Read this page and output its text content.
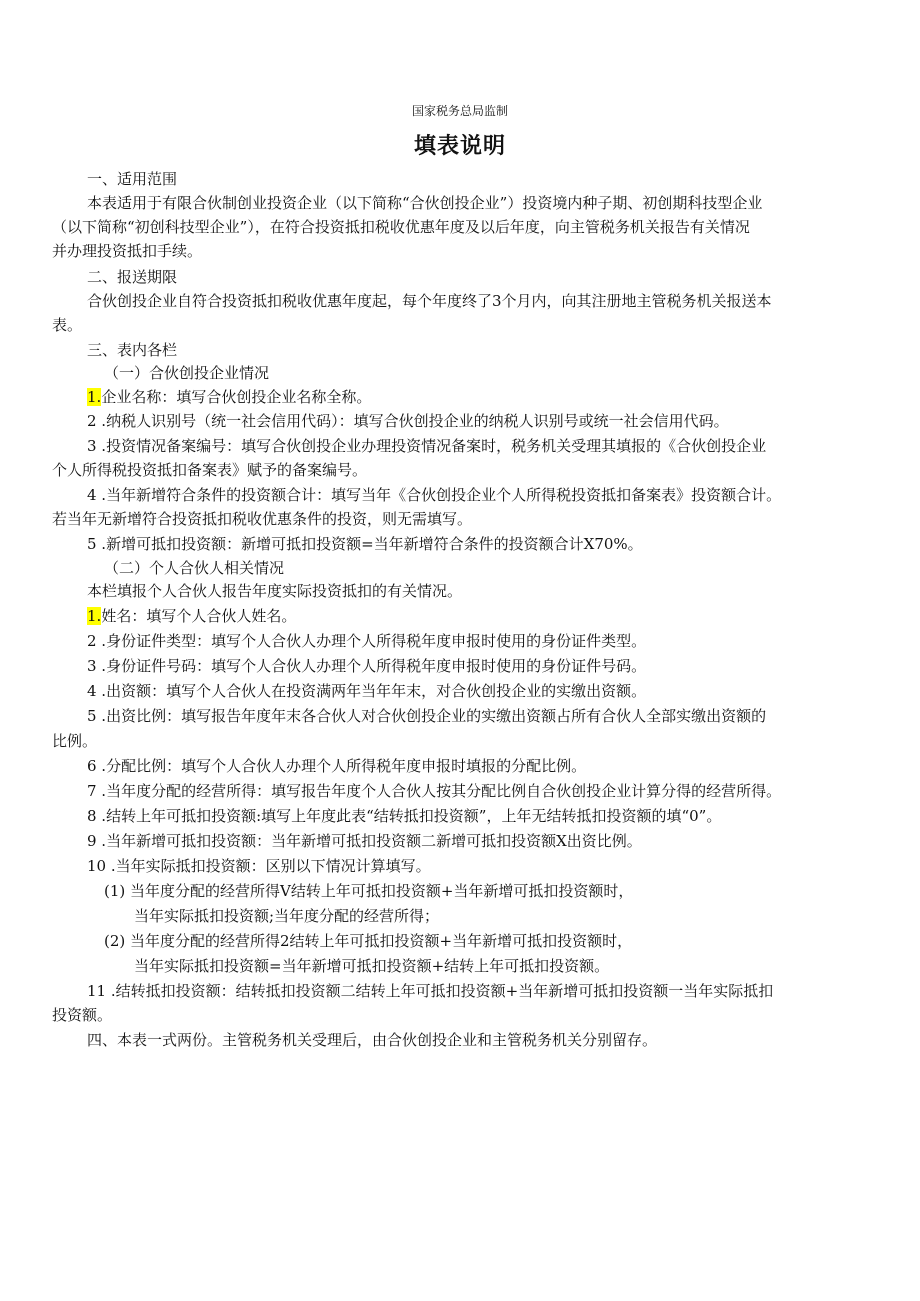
国家税务总局监制
填表说明
一、适用范围
本表适用于有限合伙制创业投资企业（以下简称“合伙创投企业”）投资境内种子期、初创期科技型企业
（以下简称“初创科技型企业”），在符合投资抵扣税收优惠年度及以后年度，向主管税务机关报告有关情况
并办理投资抵扣手续。
二、报送期限
合伙创投企业自符合投资抵扣税收优惠年度起，每个年度终了3个月内，向其注册地主管税务机关报送本
表。
三、表内各栏
（一）合伙创投企业情况
1.企业名称：填写合伙创投企业名称全称。
2 .纳税人识别号（统一社会信用代码）：填写合伙创投企业的纳税人识别号或统一社会信用代码。
3 .投资情况备案编号：填写合伙创投企业办理投资情况备案时，税务机关受理其填报的《合伙创投企业
个人所得税投资抵扣备案表》赋予的备案编号。
4 .当年新增符合条件的投资额合计：填写当年《合伙创投企业个人所得税投资抵扣备案表》投资额合计。
若当年无新增符合投资抵扣税收优惠条件的投资，则无需填写。
5 .新增可抵扣投资额：新增可抵扣投资额=当年新增符合条件的投资额合计X70%。
（二）个人合伙人相关情况
本栏填报个人合伙人报告年度实际投资抵扣的有关情况。
1.姓名：填写个人合伙人姓名。
2 .身份证件类型：填写个人合伙人办理个人所得税年度申报时使用的身份证件类型。
3 .身份证件号码：填写个人合伙人办理个人所得税年度申报时使用的身份证件号码。
4 .出资额：填写个人合伙人在投资满两年当年年末，对合伙创投企业的实缴出资额。
5 .出资比例：填写报告年度年末各合伙人对合伙创投企业的实缴出资额占所有合伙人全部实缴出资额的
比例。
6 .分配比例：填写个人合伙人办理个人所得税年度申报时填报的分配比例。
7 .当年度分配的经营所得：填写报告年度个人合伙人按其分配比例自合伙创投企业计算分得的经营所得。
8 .结转上年可抵扣投资额:填写上年度此表“结转抵扣投资额”，上年无结转抵扣投资额的填“0”。
9 .当年新增可抵扣投资额：当年新增可抵扣投资额二新增可抵扣投资额X出资比例。
10 .当年实际抵扣投资额：区别以下情况计算填写。
(1) 当年度分配的经营所得V结转上年可抵扣投资额+当年新增可抵扣投资额时，
当年实际抵扣投资额;当年度分配的经营所得；
(2) 当年度分配的经营所得2结转上年可抵扣投资额+当年新增可抵扣投资额时，
当年实际抵扣投资额=当年新增可抵扣投资额+结转上年可抵扣投资额。
11 .结转抵扣投资额：结转抵扣投资额二结转上年可抵扣投资额+当年新增可抵扣投资额一当年实际抵扣
投资额。
四、本表一式两份。主管税务机关受理后，由合伙创投企业和主管税务机关分别留存。
